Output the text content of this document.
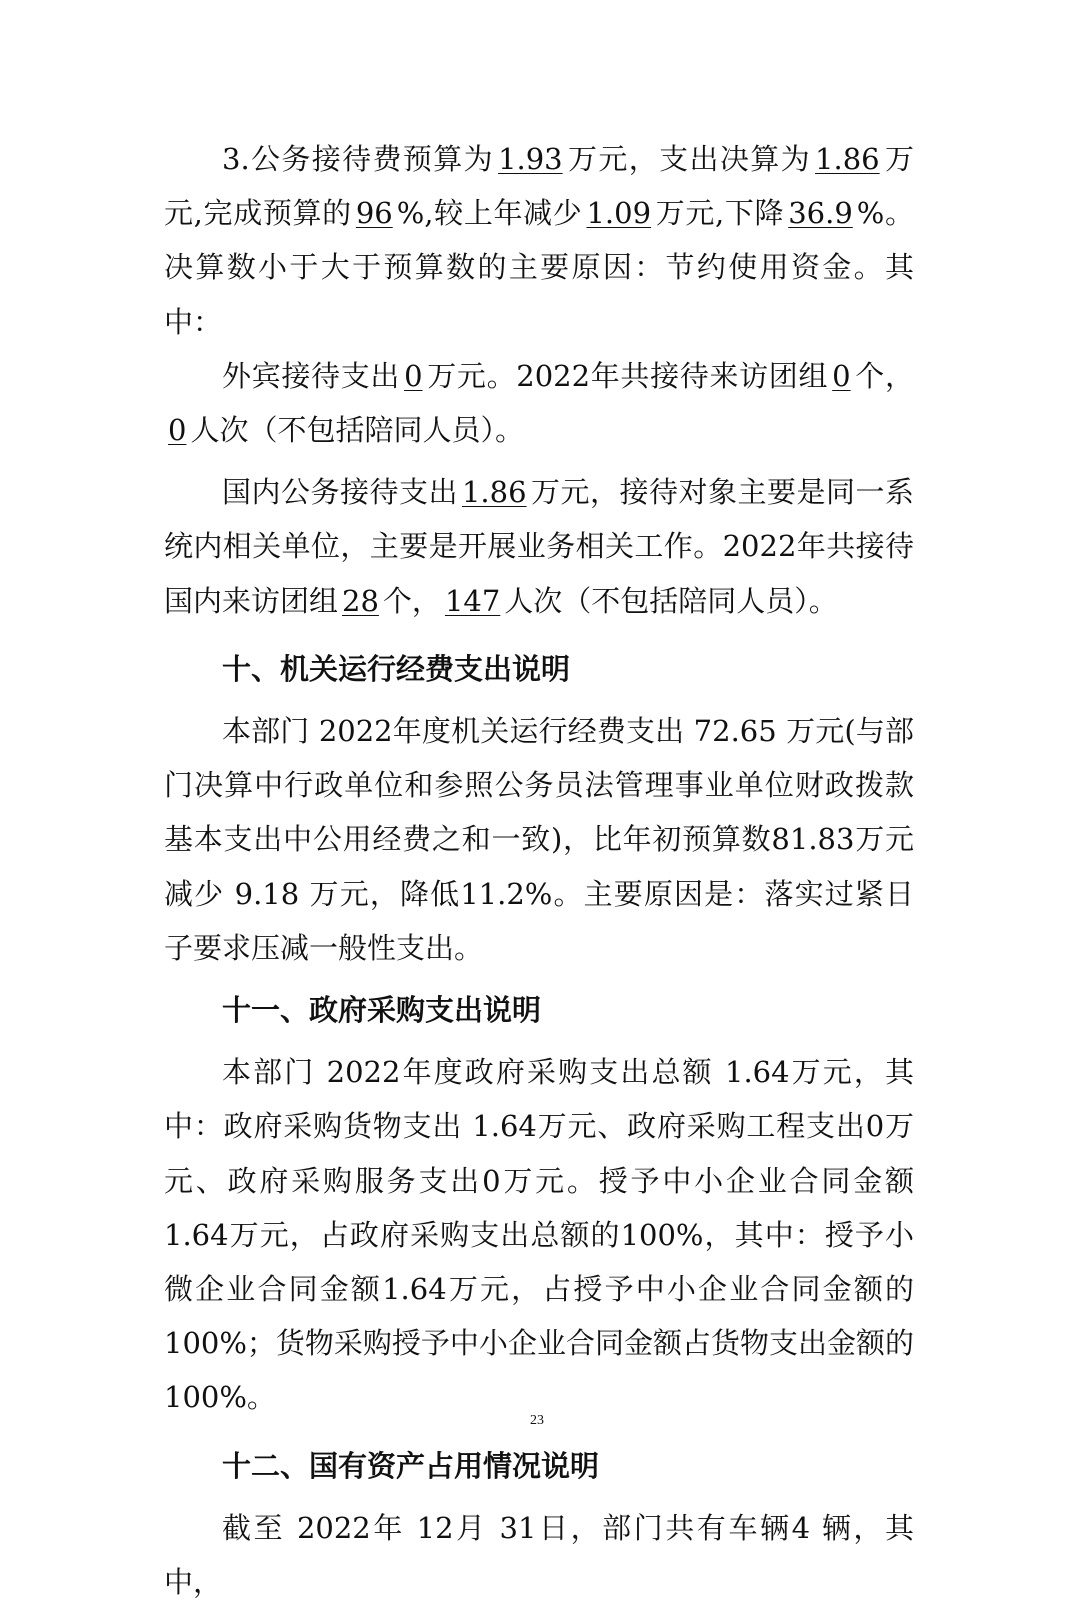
3.公务接待费预算为 1.93 万元，支出决算为 1.86 万元,完成预算的 96 %,较上年减少 1.09 万元,下降 36.9 %。决算数小于大于预算数的主要原因：节约使用资金。其中：

外宾接待支出 0 万元。2022年共接待来访团组 0 个，0 人次（不包括陪同人员）。

国内公务接待支出 1.86 万元，接待对象主要是同一系统内相关单位，主要是开展业务相关工作。2022年共接待国内来访团组 28 个， 147 人次（不包括陪同人员）。

十、机关运行经费支出说明

本部门 2022年度机关运行经费支出 72.65 万元(与部门决算中行政单位和参照公务员法管理事业单位财政拨款基本支出中公用经费之和一致)，比年初预算数81.83万元减少 9.18 万元，降低11.2%。主要原因是：落实过紧日子要求压减一般性支出。

十一、政府采购支出说明

本部门 2022年度政府采购支出总额 1.64万元，其中：政府采购货物支出 1.64万元、政府采购工程支出0万元、政府采购服务支出0万元。授予中小企业合同金额1.64万元，占政府采购支出总额的100%，其中：授予小微企业合同金额1.64万元，占授予中小企业合同金额的100%；货物采购授予中小企业合同金额占货物支出金额的100%。

十二、国有资产占用情况说明

截至 2022年 12月 31日，部门共有车辆4 辆，其中，

23
